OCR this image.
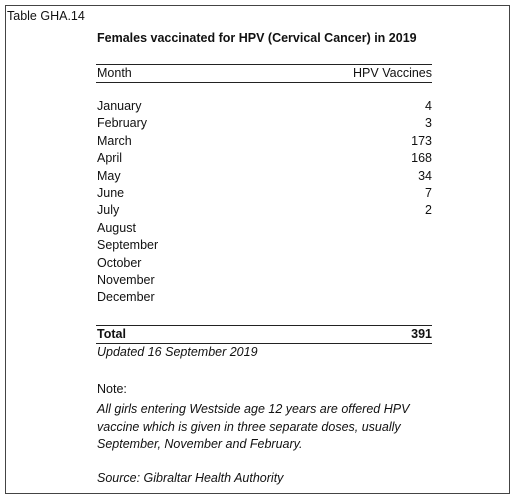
Table GHA.14
Females vaccinated for HPV (Cervical Cancer) in 2019
Month	HPV Vaccines
January	4
February	3
March	173
April	168
May	34
June	7
July	2
August
September
October
November
December
Total	391
Updated 16 September 2019
Note:
All girls entering Westside age 12 years are offered HPV vaccine which is given in three separate doses, usually September, November and February.
Source: Gibraltar Health Authority
